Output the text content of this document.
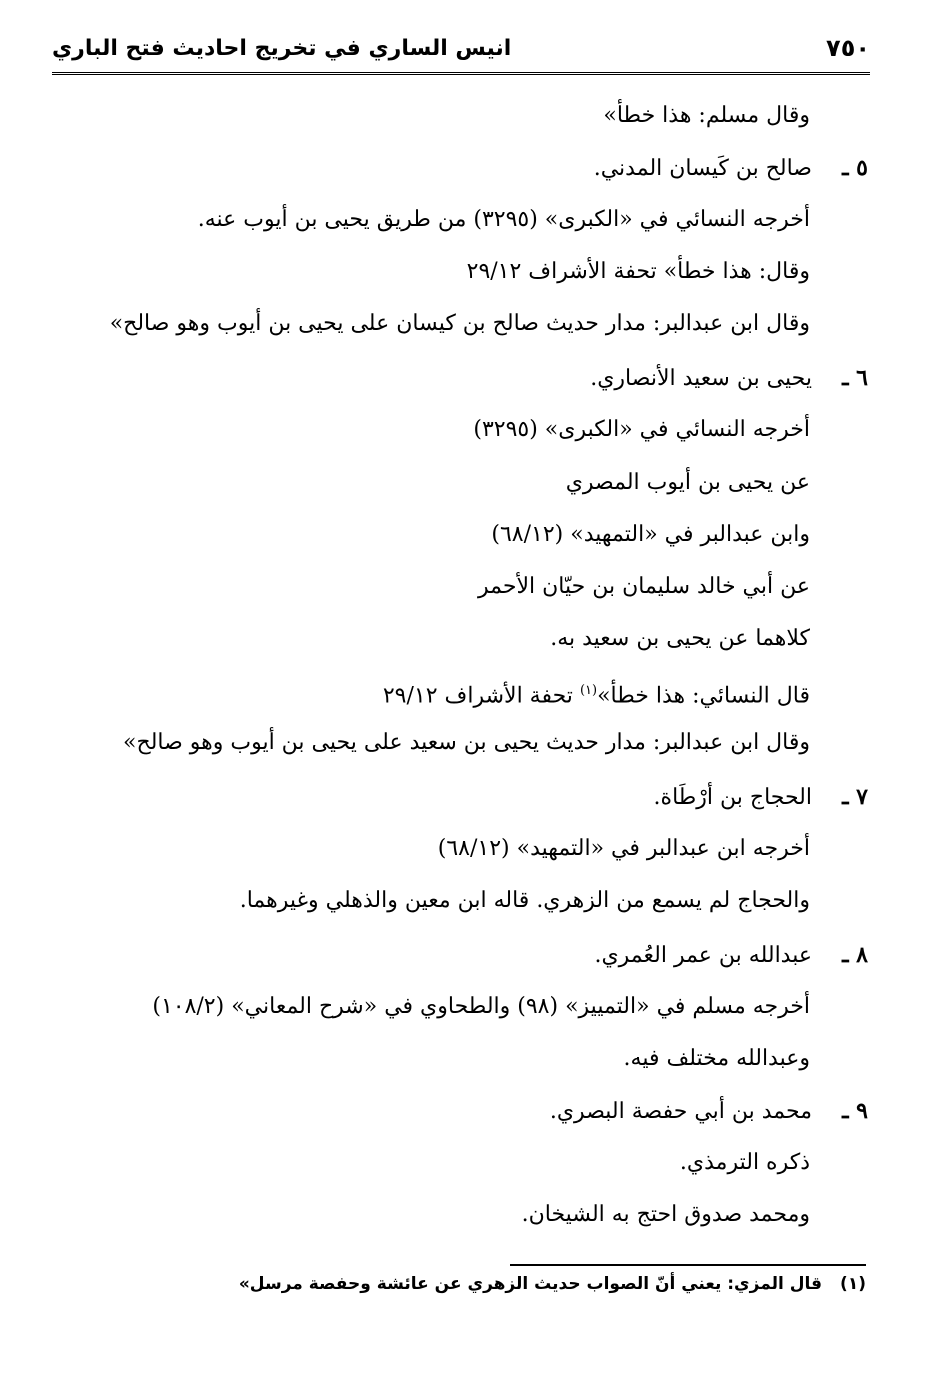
انيس الساري في تخريج احاديث فتح الباري	٧٥٠
وقال مسلم: هذا خطأ»
٥ ـصالح بن كَيسان المدني.
أخرجه النسائي في «الكبرى» (٣٢٩٥) من طريق يحيى بن أيوب عنه.
وقال: هذا خطأ» تحفة الأشراف ٢٩/١٢
وقال ابن عبدالبر: مدار حديث صالح بن كيسان على يحيى بن أيوب وهو صالح»
٦ ـيحيى بن سعيد الأنصاري.
أخرجه النسائي في «الكبرى» (٣٢٩٥)
عن يحيى بن أيوب المصري
وابن عبدالبر في «التمهيد» (٦٨/١٢)
عن أبي خالد سليمان بن حيّان الأحمر
كلاهما عن يحيى بن سعيد به.
قال النسائي: هذا خطأ»$^{(١)}$ تحفة الأشراف ٢٩/١٢
وقال ابن عبدالبر: مدار حديث يحيى بن سعيد على يحيى بن أيوب وهو صالح»
٧ ـالحجاج بن أرْطَاة.
أخرجه ابن عبدالبر في «التمهيد» (٦٨/١٢)
والحجاج لم يسمع من الزهري. قاله ابن معين والذهلي وغيرهما.
٨ ـعبدالله بن عمر العُمري.
أخرجه مسلم في «التمييز» (٩٨) والطحاوي في «شرح المعاني» (١٠٨/٢)
وعبدالله مختلف فيه.
٩ ـمحمد بن أبي حفصة البصري.
ذكره الترمذي.
ومحمد صدوق احتج به الشيخان.
(١)قال المزي: يعني أنّ الصواب حديث الزهري عن عائشة وحفصة مرسل»
